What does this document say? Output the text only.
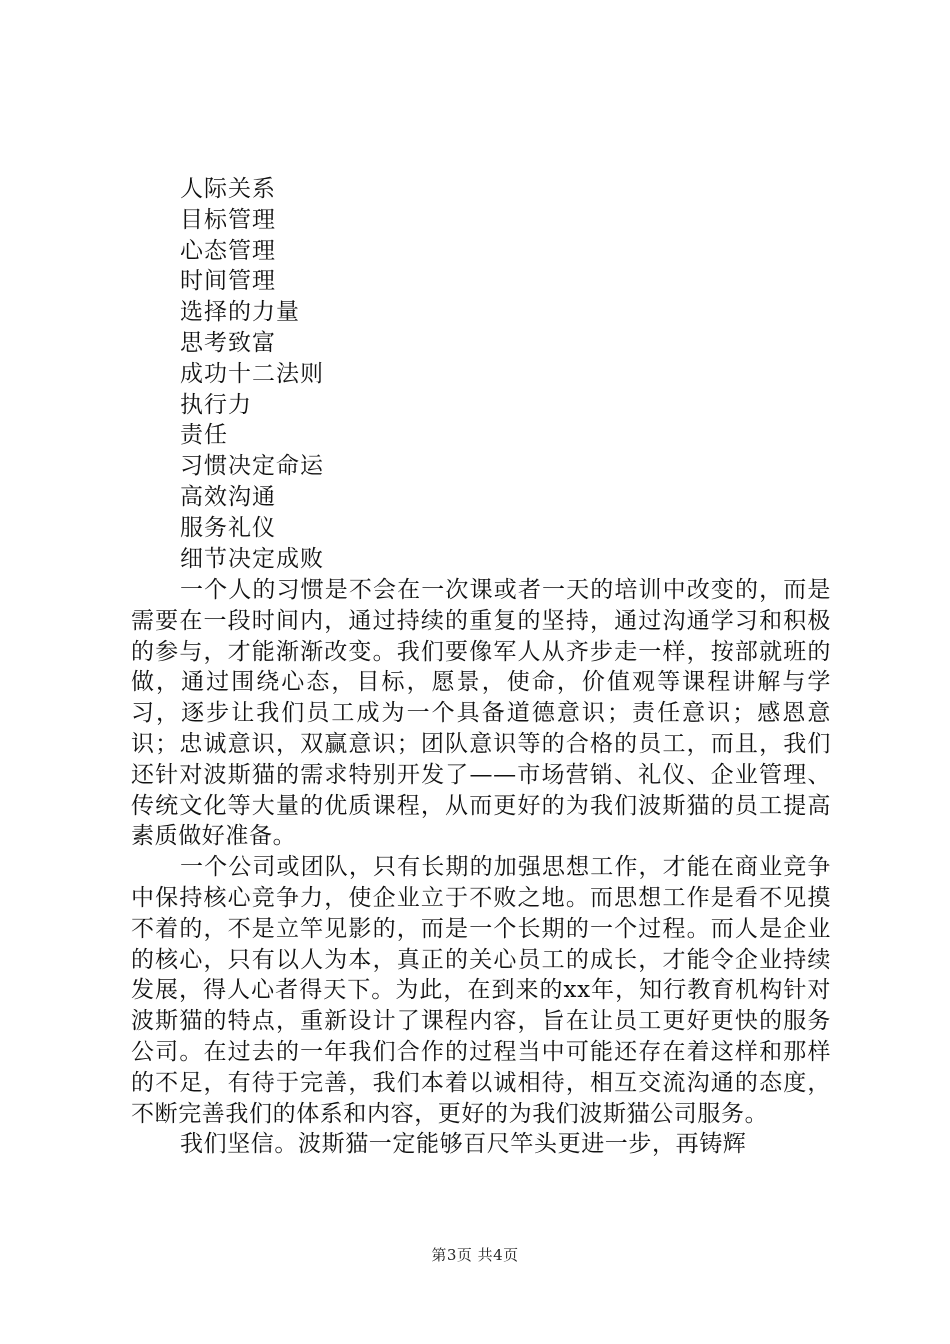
人际关系
目标管理
心态管理
时间管理
选择的力量
思考致富
成功十二法则
执行力
责任
习惯决定命运
高效沟通
服务礼仪
细节决定成败

一个人的习惯是不会在一次课或者一天的培训中改变的，而是需要在一段时间内，通过持续的重复的坚持，通过沟通学习和积极的参与，才能渐渐改变。我们要像军人从齐步走一样，按部就班的做，通过围绕心态，目标，愿景，使命，价值观等课程讲解与学习，逐步让我们员工成为一个具备道德意识；责任意识；感恩意识；忠诚意识，双赢意识；团队意识等的合格的员工，而且，我们还针对波斯猫的需求特别开发了——市场营销、礼仪、企业管理、传统文化等大量的优质课程，从而更好的为我们波斯猫的员工提高素质做好准备。

一个公司或团队，只有长期的加强思想工作，才能在商业竞争中保持核心竞争力，使企业立于不败之地。而思想工作是看不见摸不着的，不是立竿见影的，而是一个长期的一个过程。而人是企业的核心，只有以人为本，真正的关心员工的成长，才能令企业持续发展，得人心者得天下。为此，在到来的xx年，知行教育机构针对波斯猫的特点，重新设计了课程内容，旨在让员工更好更快的服务公司。在过去的一年我们合作的过程当中可能还存在着这样和那样的不足，有待于完善，我们本着以诚相待，相互交流沟通的态度，不断完善我们的体系和内容，更好的为我们波斯猫公司服务。

我们坚信。波斯猫一定能够百尺竿头更进一步，再铸辉

第3页 共4页
